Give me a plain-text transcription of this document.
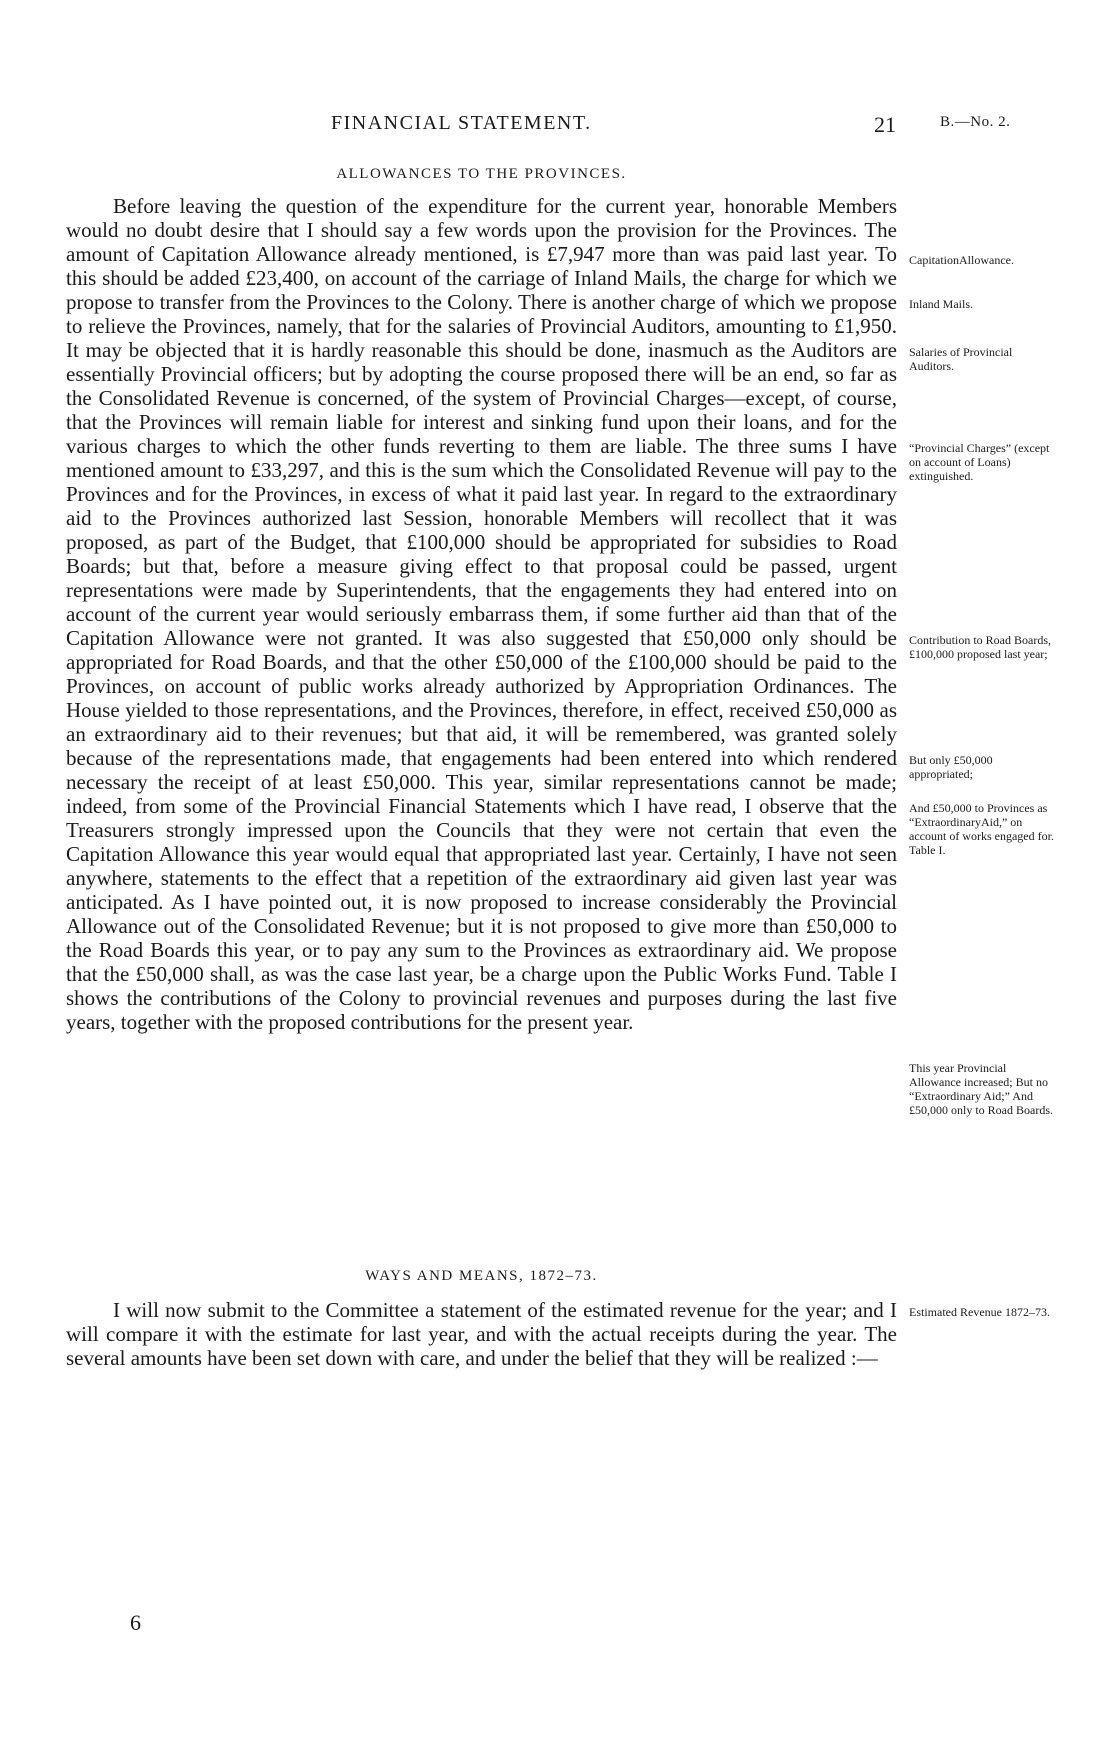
FINANCIAL STATEMENT.	21	B.—No. 2.
ALLOWANCES TO THE PROVINCES.

Before leaving the question of the expenditure for the current year, honorable Members would no doubt desire that I should say a few words upon the provision for the Provinces. The amount of Capitation Allowance already mentioned, is £7,947 more than was paid last year. To this should be added £23,400, on account of the carriage of Inland Mails, the charge for which we propose to transfer from the Provinces to the Colony. There is another charge of which we propose to relieve the Provinces, namely, that for the salaries of Provincial Auditors, amounting to £1,950. It may be objected that it is hardly reasonable this should be done, inasmuch as the Auditors are essentially Provincial officers; but by adopting the course proposed there will be an end, so far as the Consolidated Revenue is concerned, of the system of Provincial Charges—except, of course, that the Provinces will remain liable for interest and sinking fund upon their loans, and for the various charges to which the other funds reverting to them are liable. The three sums I have mentioned amount to £33,297, and this is the sum which the Consolidated Revenue will pay to the Provinces and for the Provinces, in excess of what it paid last year. In regard to the extraordinary aid to the Provinces authorized last Session, honorable Members will recollect that it was proposed, as part of the Budget, that £100,000 should be appropriated for subsidies to Road Boards; but that, before a measure giving effect to that proposal could be passed, urgent representations were made by Superintendents, that the engagements they had entered into on account of the current year would seriously embarrass them, if some further aid than that of the Capitation Allowance were not granted. It was also suggested that £50,000 only should be appropriated for Road Boards, and that the other £50,000 of the £100,000 should be paid to the Provinces, on account of public works already authorized by Appropriation Ordinances. The House yielded to those representations, and the Provinces, therefore, in effect, received £50,000 as an extraordinary aid to their revenues; but that aid, it will be remembered, was granted solely because of the representations made, that engagements had been entered into which rendered necessary the receipt of at least £50,000. This year, similar representations cannot be made; indeed, from some of the Provincial Financial Statements which I have read, I observe that the Treasurers strongly impressed upon the Councils that they were not certain that even the Capitation Allowance this year would equal that appropriated last year. Certainly, I have not seen anywhere, statements to the effect that a repetition of the extraordinary aid given last year was anticipated. As I have pointed out, it is now proposed to increase considerably the Provincial Allowance out of the Consolidated Revenue; but it is not proposed to give more than £50,000 to the Road Boards this year, or to pay any sum to the Provinces as extraordinary aid. We propose that the £50,000 shall, as was the case last year, be a charge upon the Public Works Fund. Table I shows the contributions of the Colony to provincial revenues and purposes during the last five years, together with the proposed contributions for the present year.

CapitationAllowance.

Inland Mails.

Salaries of Provincial Auditors.

“Provincial Charges” (except on account of Loans) extinguished.

Contribution to Road Boards, £100,000 proposed last year;

But only £50,000 appropriated;

And £50,000 to Provinces as “ExtraordinaryAid,” on account of works engaged for. Table I.

This year Provincial Allowance increased; But no “Extraordinary Aid;” And £50,000 only to Road Boards.

WAYS AND MEANS, 1872–73.

I will now submit to the Committee a statement of the estimated revenue for the year; and I will compare it with the estimate for last year, and with the actual receipts during the year. The several amounts have been set down with care, and under the belief that they will be realized :—

Estimated Revenue 1872–73.

6
